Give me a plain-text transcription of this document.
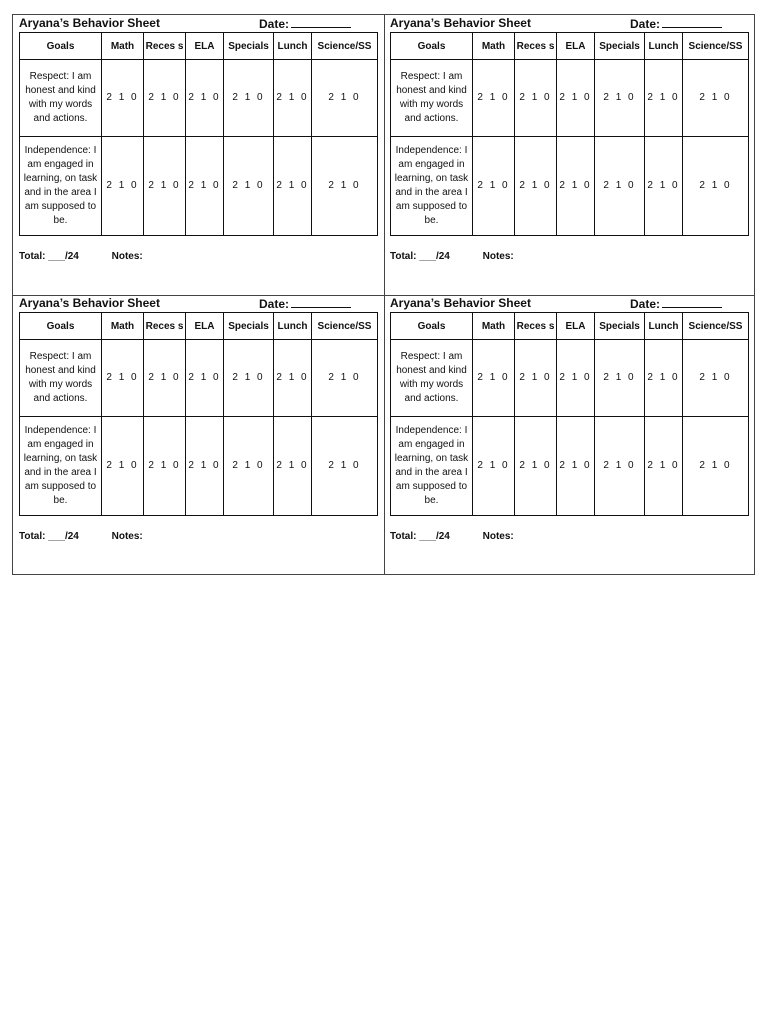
Aryana’s Behavior Sheet	Date:
Goals	Math	Reces s	ELA	Specials	Lunch	Science/SS
Respect: I am honest and kind with my words and actions.	2 1 0	2 1 0	2 1 0	2 1 0	2 1 0	2 1 0
Independence: I am engaged in learning, on task and in the area I am supposed to be.	2 1 0	2 1 0	2 1 0	2 1 0	2 1 0	2 1 0
Total: ___/24	Notes:
Aryana’s Behavior Sheet	Date:
Goals	Math	Reces s	ELA	Specials	Lunch	Science/SS
Respect: I am honest and kind with my words and actions.	2 1 0	2 1 0	2 1 0	2 1 0	2 1 0	2 1 0
Independence: I am engaged in learning, on task and in the area I am supposed to be.	2 1 0	2 1 0	2 1 0	2 1 0	2 1 0	2 1 0
Total: ___/24	Notes:
Aryana’s Behavior Sheet	Date:
Goals	Math	Reces s	ELA	Specials	Lunch	Science/SS
Respect: I am honest and kind with my words and actions.	2 1 0	2 1 0	2 1 0	2 1 0	2 1 0	2 1 0
Independence: I am engaged in learning, on task and in the area I am supposed to be.	2 1 0	2 1 0	2 1 0	2 1 0	2 1 0	2 1 0
Total: ___/24	Notes:
Aryana’s Behavior Sheet	Date:
Goals	Math	Reces s	ELA	Specials	Lunch	Science/SS
Respect: I am honest and kind with my words and actions.	2 1 0	2 1 0	2 1 0	2 1 0	2 1 0	2 1 0
Independence: I am engaged in learning, on task and in the area I am supposed to be.	2 1 0	2 1 0	2 1 0	2 1 0	2 1 0	2 1 0
Total: ___/24	Notes:
